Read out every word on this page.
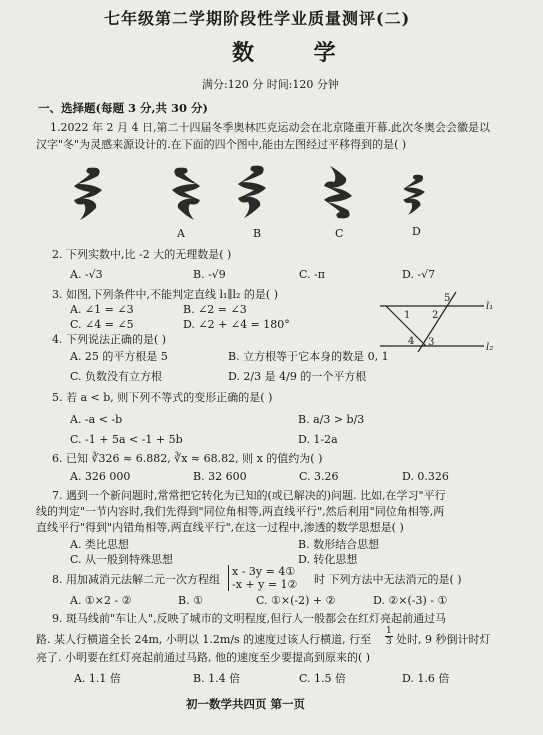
七年级第二学期阶段性学业质量测评(二)
数 学
满分:120 分 时间:120 分钟
一、选择题(每题 3 分,共 30 分)
1.2022 年 2 月 4 日,第二十四届冬季奥林匹克运动会在北京隆重开幕.此次冬奥会会徽是以
汉字"冬"为灵感来源设计的.在下面的四个图中,能由左图经过平移得到的是( )
A	B	C	D
2. 下列实数中,比 -2 大的无理数是( )
A. -√3	B. -√9	C. -π	D. -√7
3. 如图,下列条件中,不能判定直线 l₁∥l₂ 的是( )
A. ∠1 = ∠3	B. ∠2 = ∠3
C. ∠4 = ∠5	D. ∠2 + ∠4 = 180°
1 2
3
4
5
l₁
l₂
4. 下列说法正确的是( )
A. 25 的平方根是 5	B. 立方根等于它本身的数是 0, 1
C. 负数没有立方根	D. 2/3 是 4/9 的一个平方根
5. 若 a < b, 则下列不等式的变形正确的是( )
A. -a < -b	B. a/3 > b/3
C. -1 + 5a < -1 + 5b	D. 1-2a
6. 已知 ∛326 ≈ 6.882, ∛x ≈ 68.82, 则 x 的值约为( )
A. 326 000	B. 32 600	C. 3.26	D. 0.326
7. 遇到一个新问题时,常常把它转化为已知的(或已解决的)问题. 比如,在学习"平行
线的判定"一节内容时,我们先得到"同位角相等,两直线平行",然后利用"同位角相等,两
直线平行"得到"内错角相等,两直线平行",在这一过程中,渗透的数学思想是( )
A. 类比思想	B. 数形结合思想
C. 从一般到特殊思想	D. 转化思想
8. 用加减消元法解二元一次方程组
x - 3y = 4①
-x + y = 1② 时 下列方法中无法消元的是( )
A. ①×2 - ②	B. ①	C. ①×(-2) + ②	D. ②×(-3) - ①
9. 斑马线前"车让人",反映了城市的文明程度,但行人一般都会在红灯亮起前通过马
路. 某人行横道全长 24m, 小明以 1.2m/s 的速度过该人行横道, 行至 $\frac{1}{3}$ 处时, 9 秒倒计时灯
亮了. 小明要在红灯亮起前通过马路, 他的速度至少要提高到原来的( )
A. 1.1 倍	B. 1.4 倍	C. 1.5 倍	D. 1.6 倍
初一数学共四页 第一页
